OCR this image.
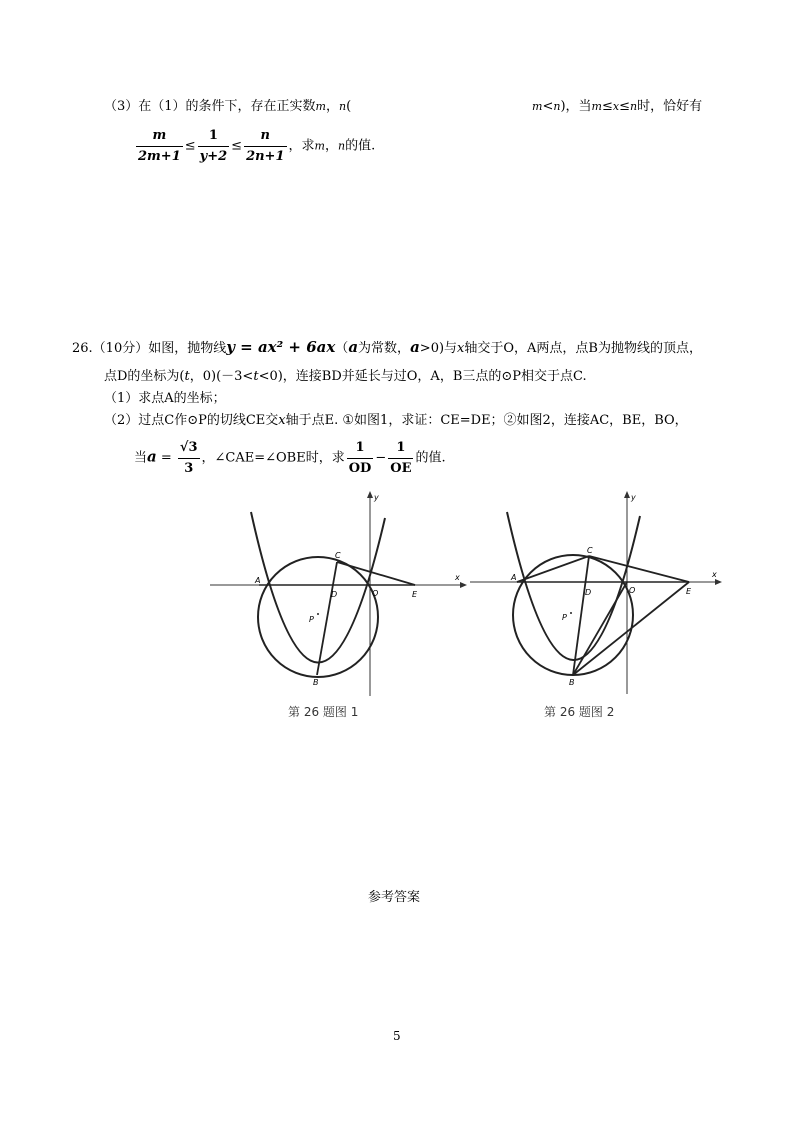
（3）在（1）的条件下，存在正实数m，n(	m<n)，当m≤x≤n时，恰好有
$\frac{m}{2m+1} \le \frac{1}{y+2} \le \frac{n}{2n+1}$ ，求m，n的值.
26.（10分）如图，抛物线y = ax² + 6ax（a为常数，a>0)与x轴交于O，A两点，点B为抛物线的顶点，
点D的坐标为(t，0)(－3<t<0)，连接BD并延长与过O，A，B三点的⊙P相交于点C.
（1）求点A的坐标；
（2）过点C作⊙P的切线CE交x轴于点E. ①如图1，求证：CE=DE；②如图2，连接AC，BE，BO，
当$a = \frac{√3}{3}$ ，∠CAE=∠OBE时，求 $\frac{1}{OD} - \frac{1}{OE}$ 的值.
x
y
A
C
D	O	E
P
B
第 26 题图 1
x
y
A
C
D	O	E
P
B
第 26 题图 2
参考答案
5
